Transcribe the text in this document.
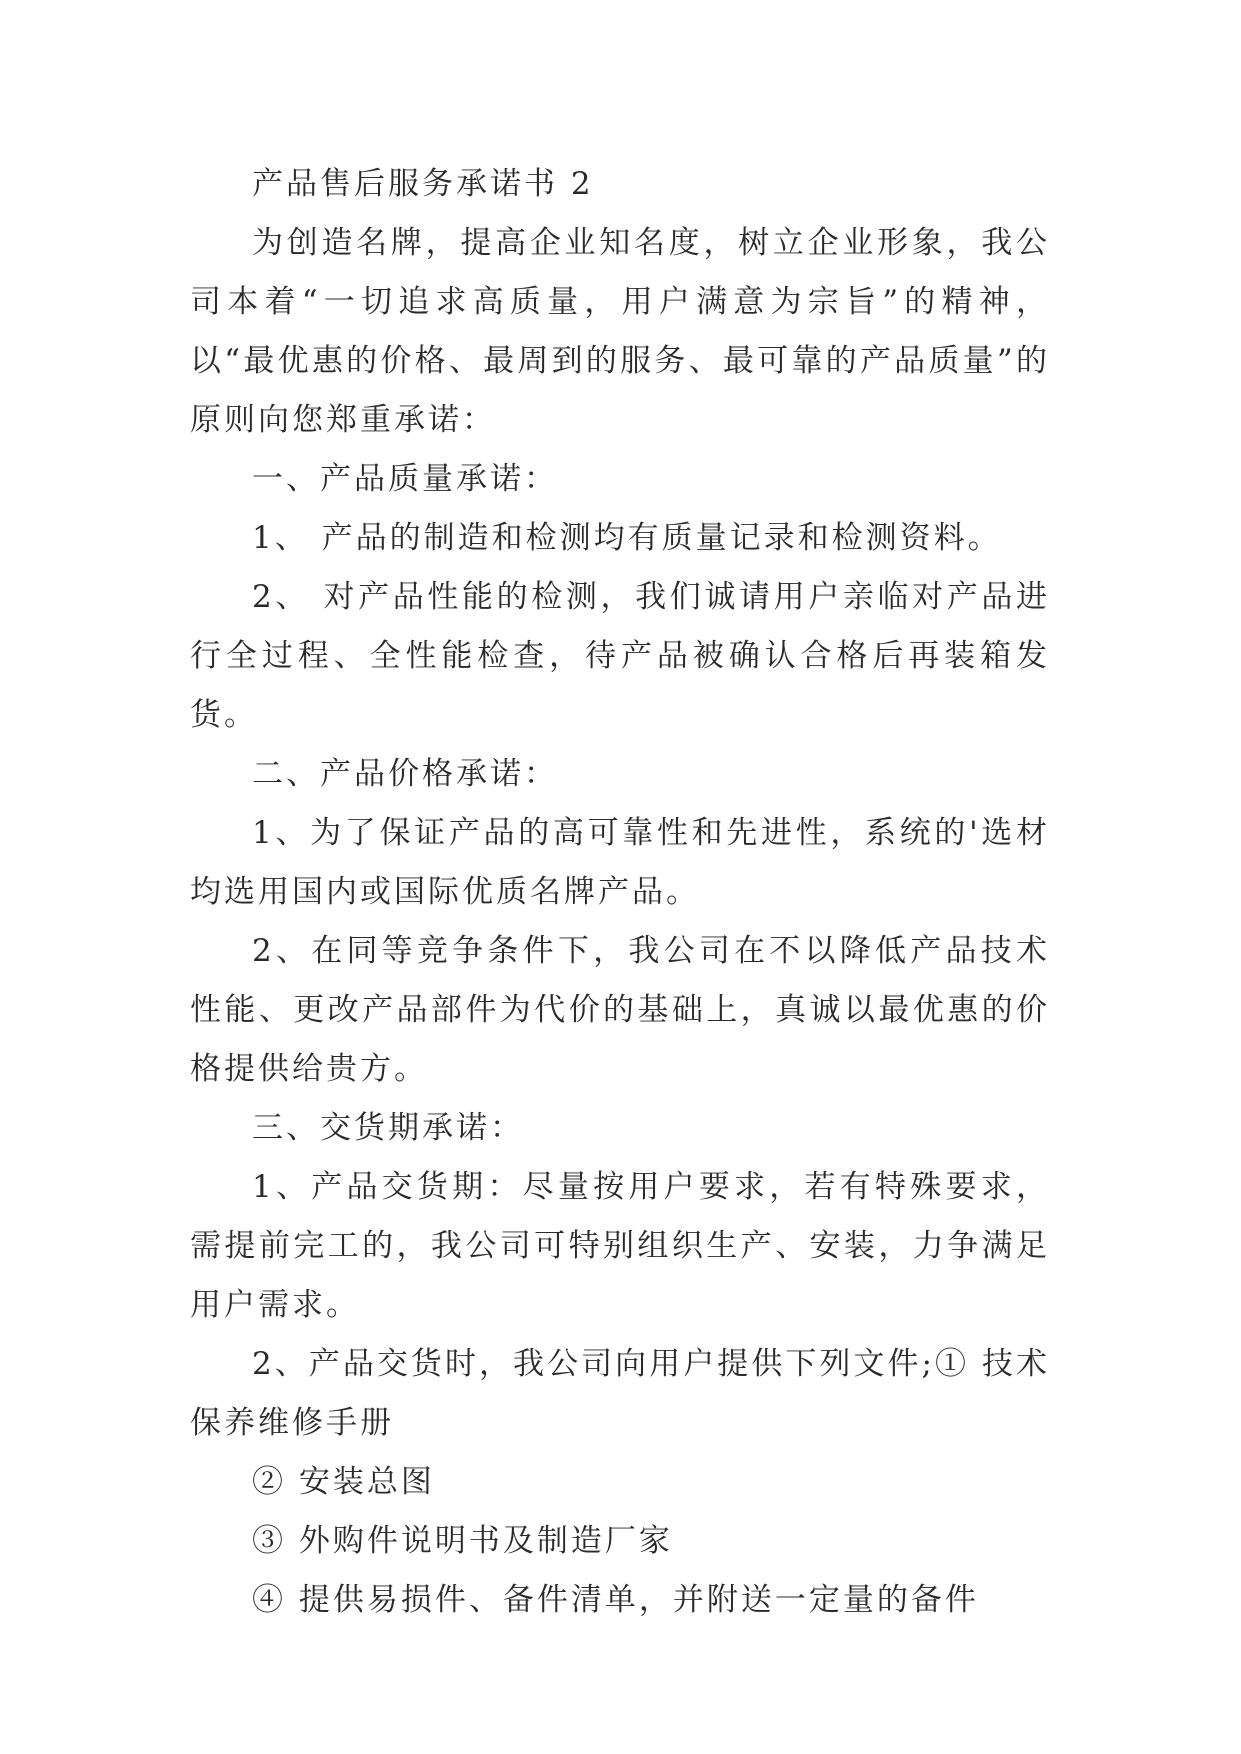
产品售后服务承诺书 2

为创造名牌，提高企业知名度，树立企业形象，我公司本着“一切追求高质量，用户满意为宗旨”的精神，以“最优惠的价格、最周到的服务、最可靠的产品质量”的原则向您郑重承诺：

一、产品质量承诺：

1、 产品的制造和检测均有质量记录和检测资料。

2、 对产品性能的检测，我们诚请用户亲临对产品进行全过程、全性能检查，待产品被确认合格后再装箱发货。

二、产品价格承诺：

1、为了保证产品的高可靠性和先进性，系统的'选材均选用国内或国际优质名牌产品。

2、在同等竞争条件下，我公司在不以降低产品技术性能、更改产品部件为代价的基础上，真诚以最优惠的价格提供给贵方。

三、交货期承诺：

1、产品交货期：尽量按用户要求，若有特殊要求，需提前完工的，我公司可特别组织生产、安装，力争满足用户需求。

2、产品交货时，我公司向用户提供下列文件;① 技术保养维修手册

② 安装总图

③ 外购件说明书及制造厂家

④ 提供易损件、备件清单，并附送一定量的备件
